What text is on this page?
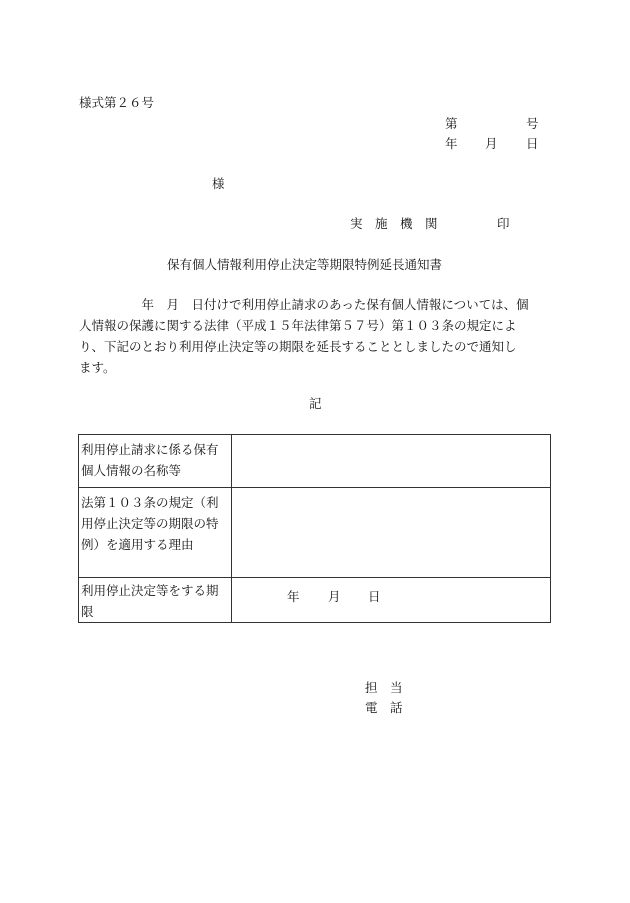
様式第２６号
第	号
年 月 日
様
実　施　機　関	印
保有個人情報利用停止決定等期限特例延長通知書
　　　　　年　月　日付けで利用停止請求のあった保有個人情報については、個
人情報の保護に関する法律（平成１５年法律第５７号）第１０３条の規定によ
り、下記のとおり利用停止決定等の期限を延長することとしましたので通知し
ます。
記
利用停止請求に係る保有
個人情報の名称等	

法第１０３条の規定（利
用停止決定等の期限の特
例）を適用する理由	

利用停止決定等をする期
限	年 月 日
担　当
電　話
